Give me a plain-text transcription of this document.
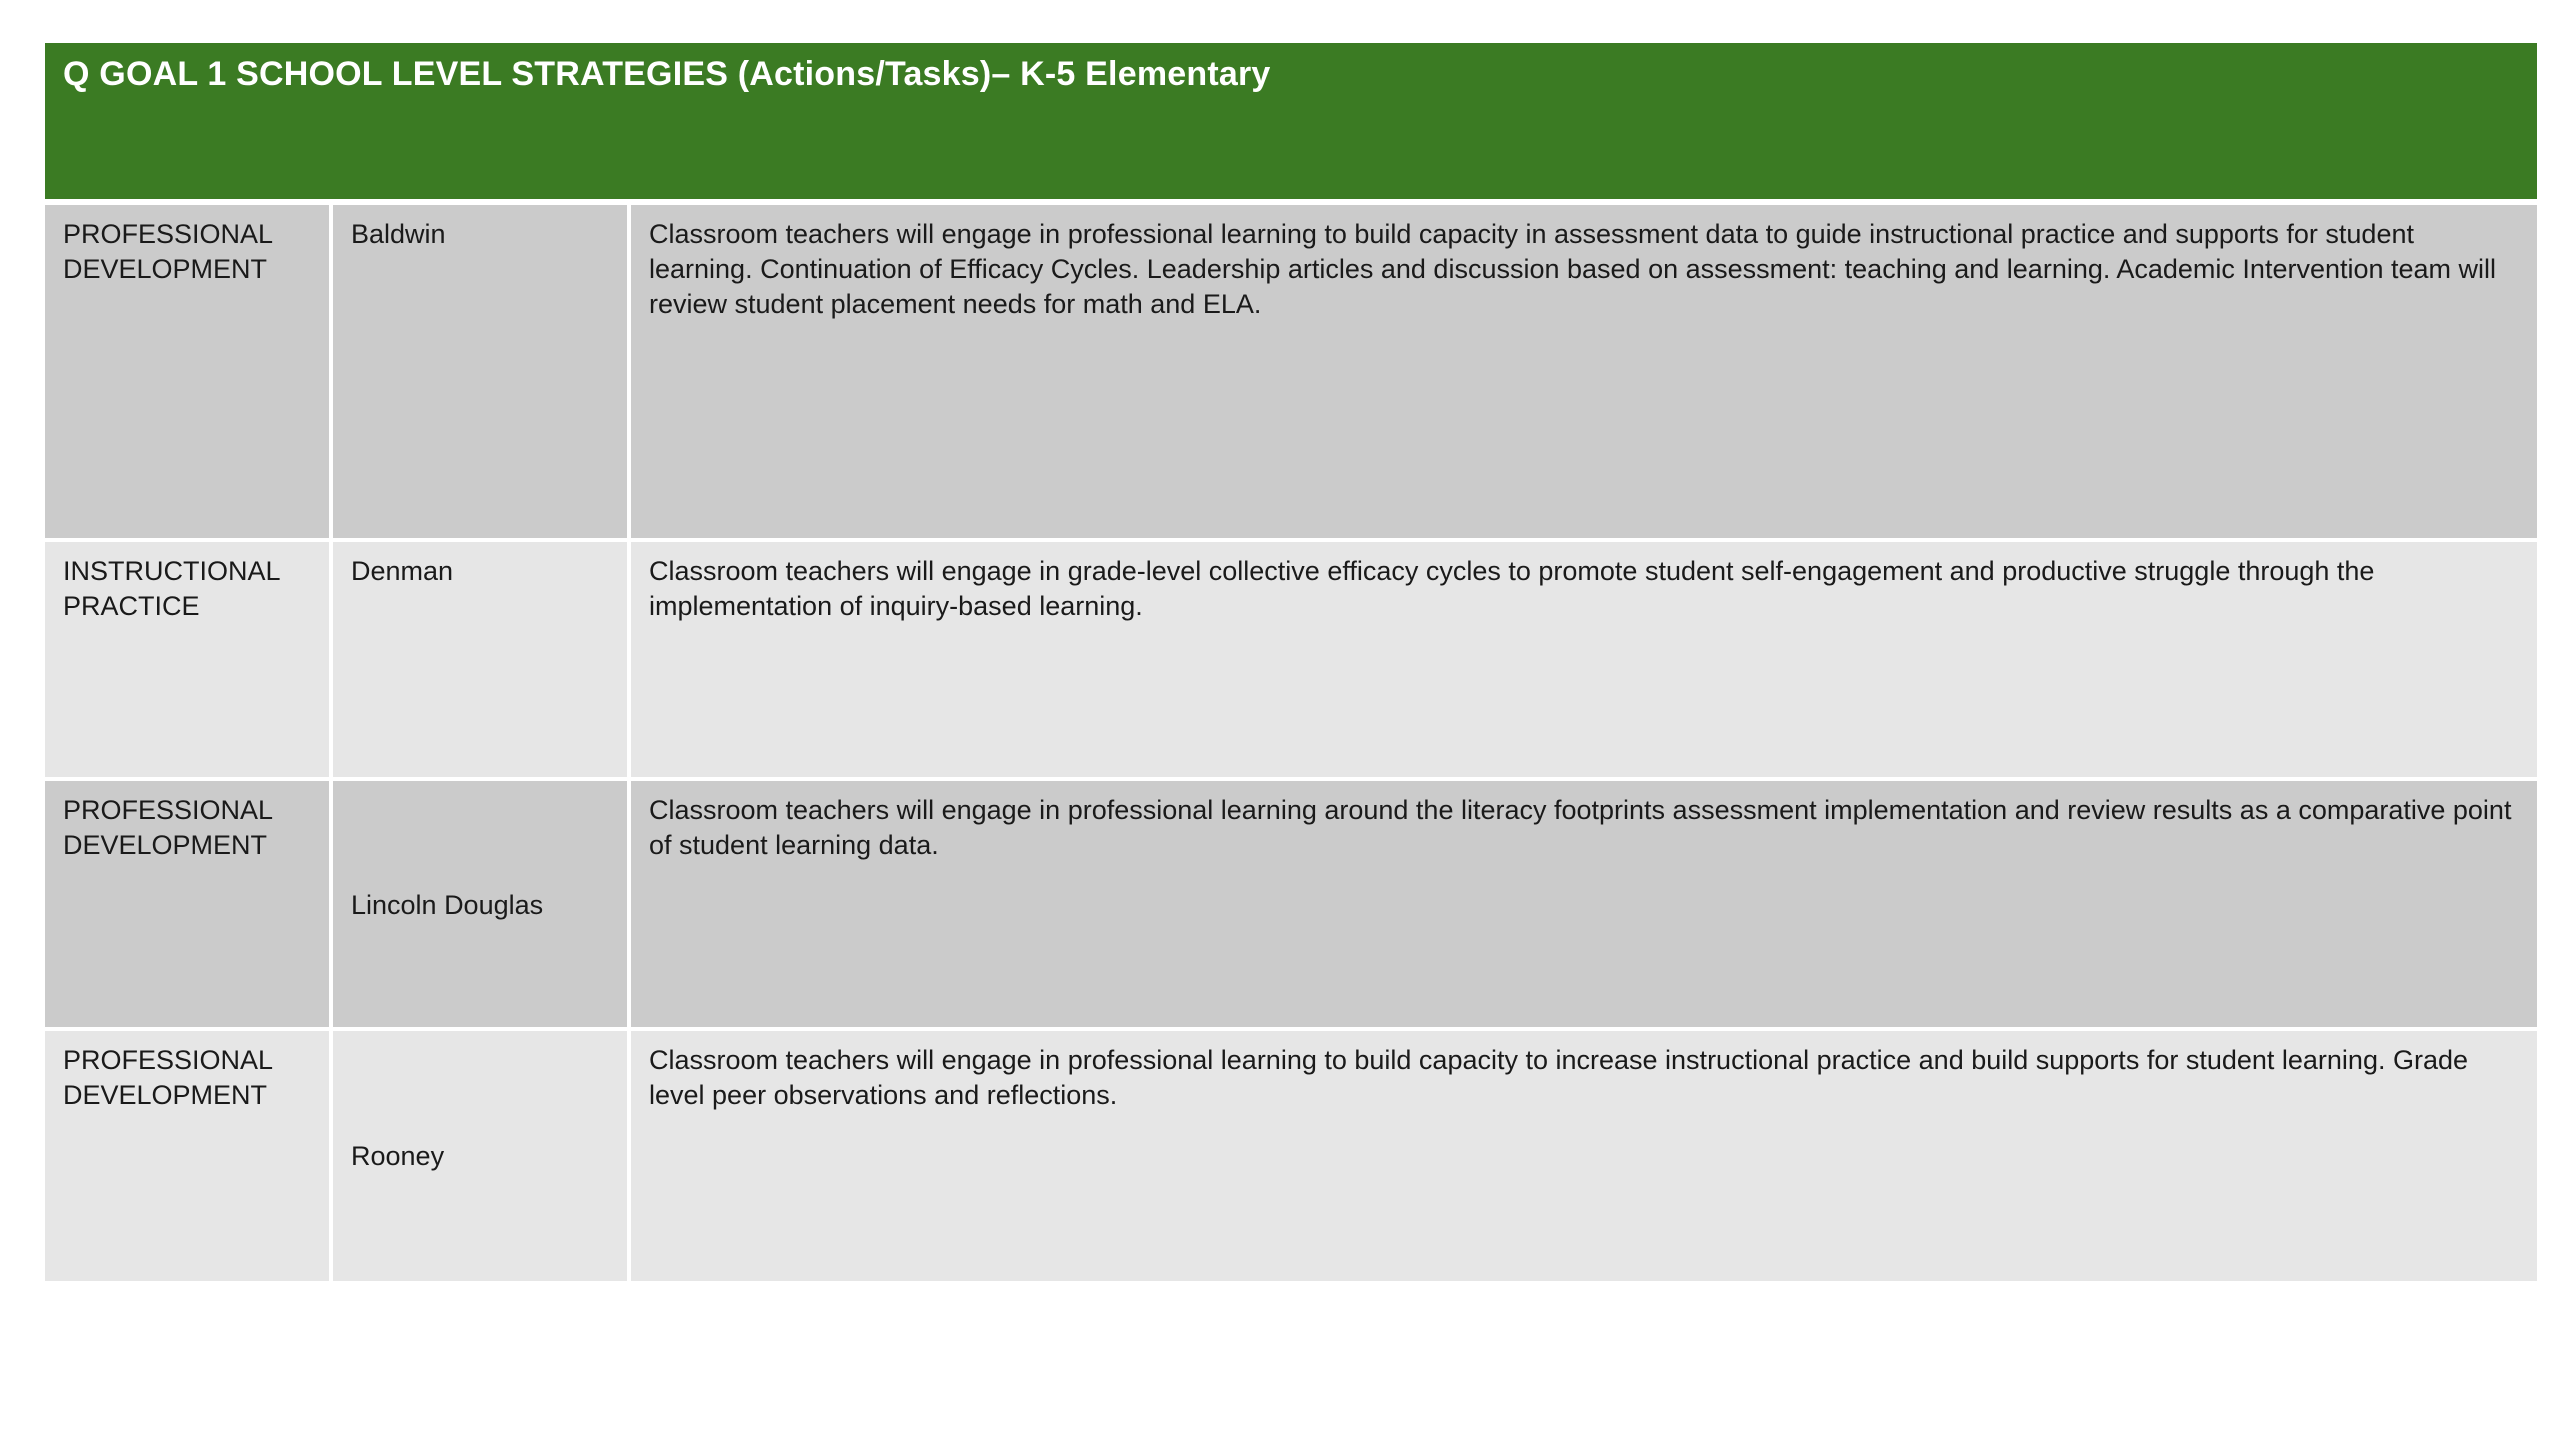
Q GOAL 1 SCHOOL LEVEL STRATEGIES (Actions/Tasks)– K-5 Elementary
PROFESSIONAL DEVELOPMENT
Baldwin	Classroom teachers will engage in professional learning to build capacity in assessment data to guide instructional practice and supports for student learning. Continuation of Efficacy Cycles. Leadership articles and discussion based on assessment: teaching and learning. Academic Intervention team will review student placement needs for math and ELA.
INSTRUCTIONAL PRACTICE
Denman	Classroom teachers will engage in grade-level collective efficacy cycles to promote student self-engagement and productive struggle through the implementation of inquiry-based learning.
PROFESSIONAL DEVELOPMENT
Lincoln Douglas
Classroom teachers will engage in professional learning around the literacy footprints assessment implementation and review results as a comparative point of student learning data.
PROFESSIONAL DEVELOPMENT
Rooney
Classroom teachers will engage in professional learning to build capacity to increase instructional practice and build supports for student learning. Grade level peer observations and reflections.
